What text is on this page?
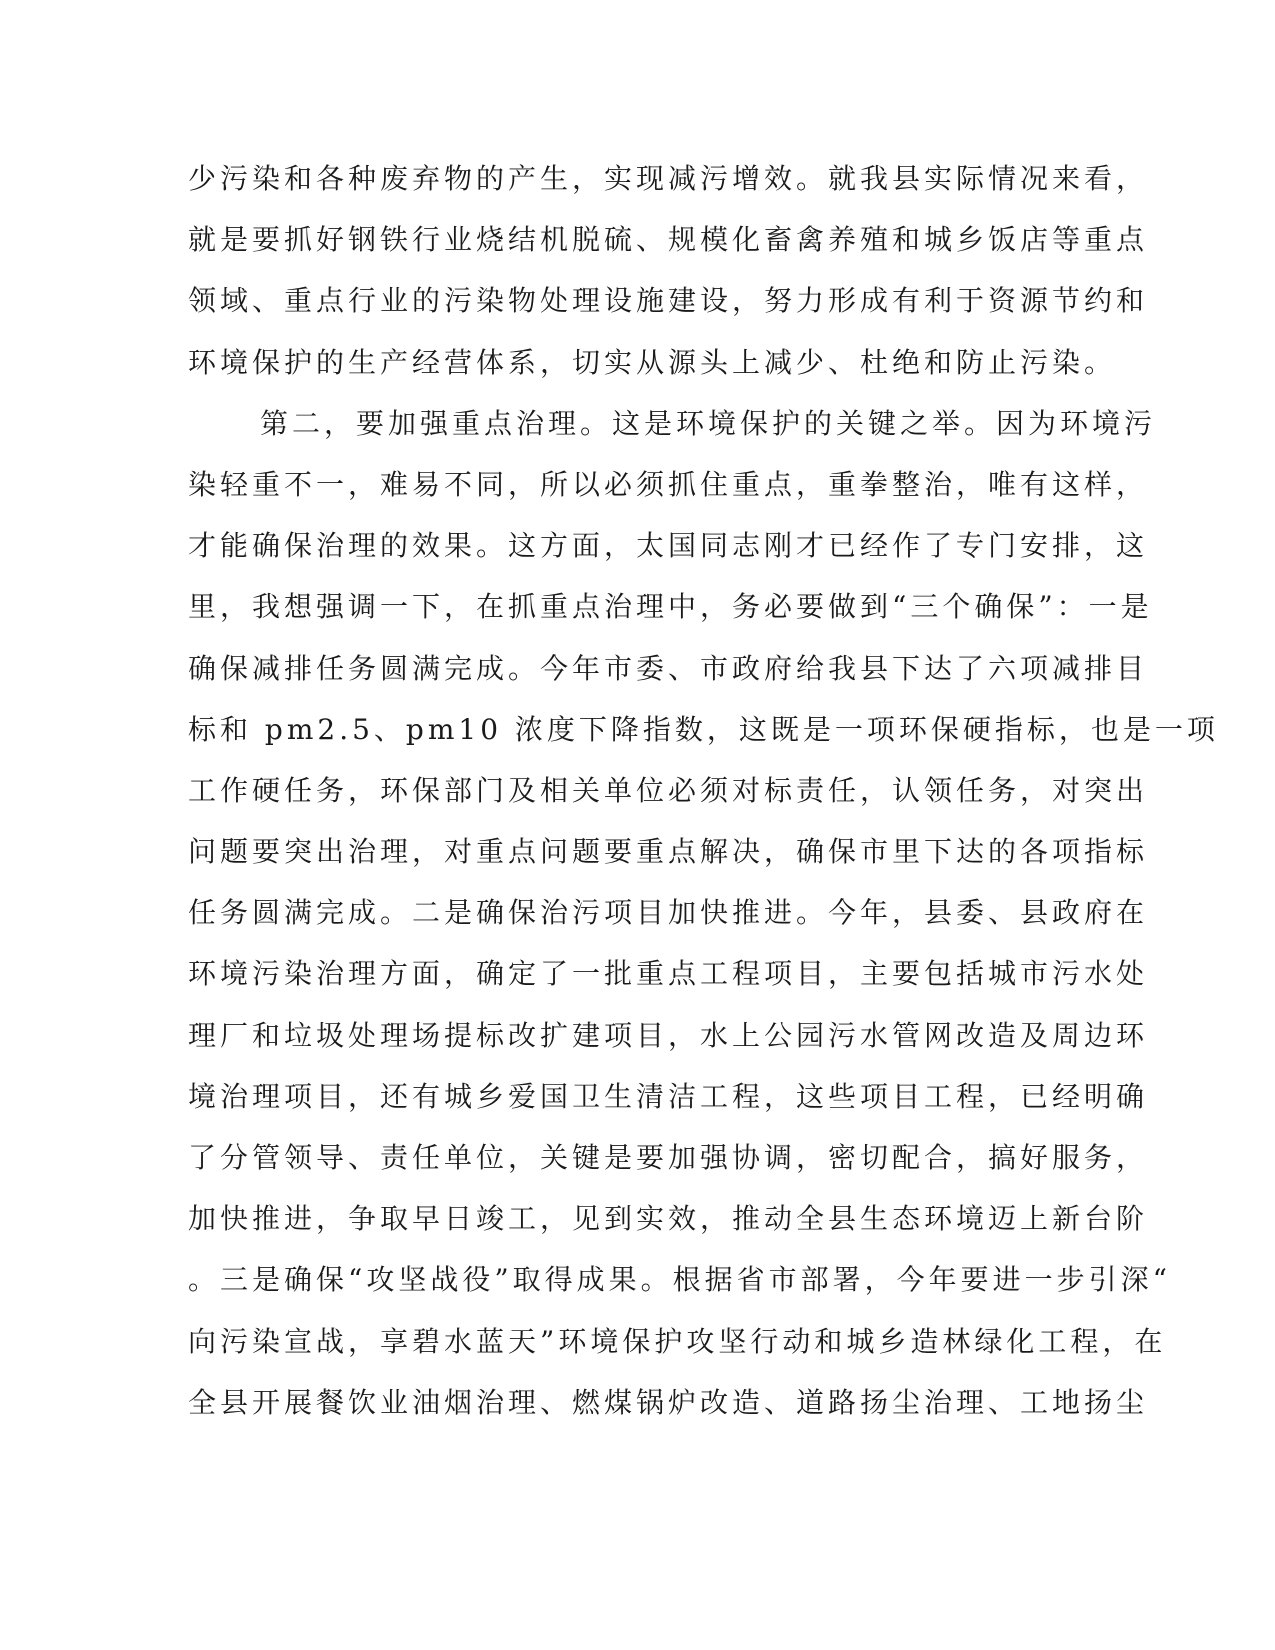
少污染和各种废弃物的产生，实现减污增效。就我县实际情况来看，
就是要抓好钢铁行业烧结机脱硫、规模化畜禽养殖和城乡饭店等重点
领域、重点行业的污染物处理设施建设，努力形成有利于资源节约和
环境保护的生产经营体系，切实从源头上减少、杜绝和防止污染。
第二，要加强重点治理。这是环境保护的关键之举。因为环境污
染轻重不一，难易不同，所以必须抓住重点，重拳整治，唯有这样，
才能确保治理的效果。这方面，太国同志刚才已经作了专门安排，这
里，我想强调一下，在抓重点治理中，务必要做到“三个确保”：一是
确保减排任务圆满完成。今年市委、市政府给我县下达了六项减排目
标和 pm2.5、pm10 浓度下降指数，这既是一项环保硬指标，也是一项
工作硬任务，环保部门及相关单位必须对标责任，认领任务，对突出
问题要突出治理，对重点问题要重点解决，确保市里下达的各项指标
任务圆满完成。二是确保治污项目加快推进。今年，县委、县政府在
环境污染治理方面，确定了一批重点工程项目，主要包括城市污水处
理厂和垃圾处理场提标改扩建项目，水上公园污水管网改造及周边环
境治理项目，还有城乡爱国卫生清洁工程，这些项目工程，已经明确
了分管领导、责任单位，关键是要加强协调，密切配合，搞好服务，
加快推进，争取早日竣工，见到实效，推动全县生态环境迈上新台阶
。三是确保“攻坚战役”取得成果。根据省市部署，今年要进一步引深“
向污染宣战，享碧水蓝天”环境保护攻坚行动和城乡造林绿化工程，在
全县开展餐饮业油烟治理、燃煤锅炉改造、道路扬尘治理、工地扬尘
